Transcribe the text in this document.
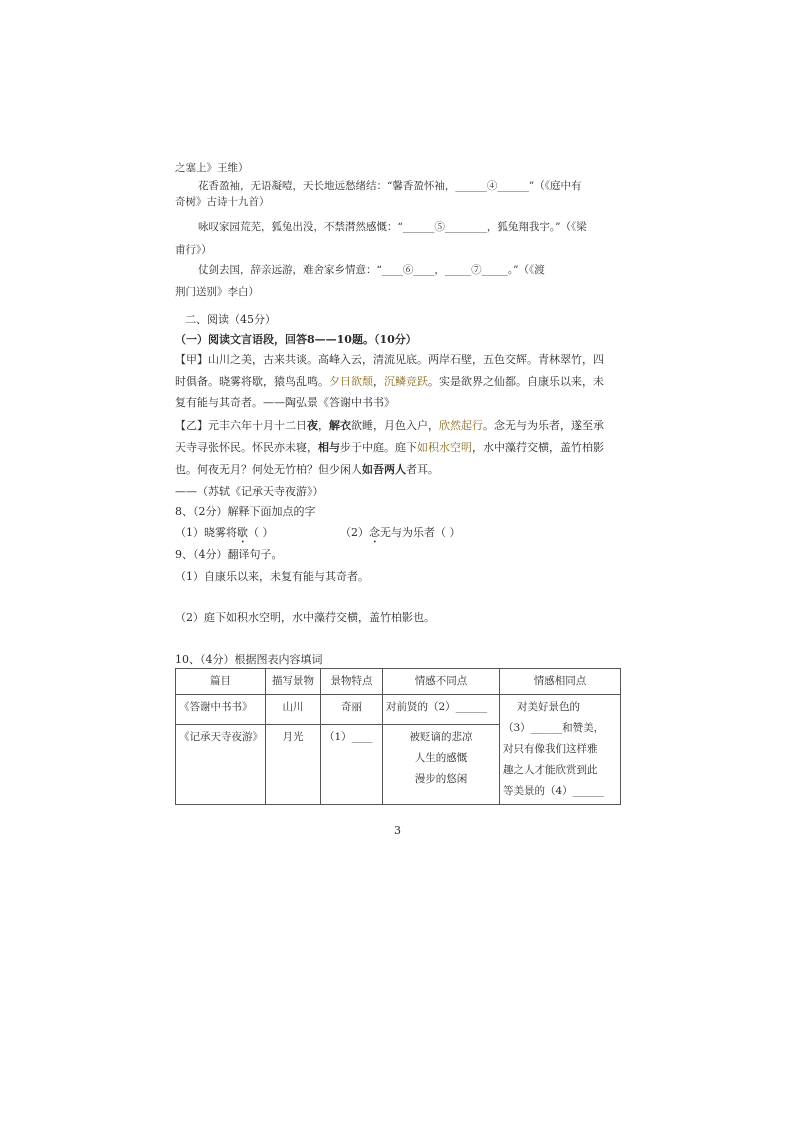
之塞上》王维）
花香盈袖，无语凝噎，天长地远愁绪结：“馨香盈怀袖，______④______”（《庭中有
奇树》古诗十九首）
咏叹家园荒芜，狐兔出没，不禁潸然感慨：“______⑤________，狐兔翔我宇。”（《梁
甫行》）
仗剑去国，辞亲远游，难舍家乡情意：“____⑥____，_____⑦_____。”（《渡
荆门送别》李白）
二、阅读（45分）
（一）阅读文言语段，回答8——10题。（10分）
【甲】山川之美，古来共谈。高峰入云，清流见底。两岸石壁，五色交辉。青林翠竹，四
时俱备。晓雾将歇，猿鸟乱鸣。夕日欲颓，沉鳞竞跃。实是欲界之仙都。自康乐以来，未
复有能与其奇者。——陶弘景《答谢中书书》
【乙】元丰六年十月十二日夜，解衣欲睡，月色入户，欣然起行。念无与为乐者，遂至承
天寺寻张怀民。怀民亦未寝，相与步于中庭。庭下如积水空明，水中藻荇交横，盖竹柏影
也。何夜无月？何处无竹柏？但少闲人如吾两人者耳。
——（苏轼《记承天寺夜游》）
8、（2分）解释下面加点的字
（1）晓雾将歇（ ）	（2）念无与为乐者（ ）
9、（4分）翻译句子。
（1）自康乐以来，未复有能与其奇者。
（2）庭下如积水空明，水中藻荇交横，盖竹柏影也。
10、（4分）根据图表内容填词
篇目	描写景物	景物特点	情感不同点	情感相同点
《答谢中书书》	山川	奇丽	对前贤的（2）______	对美好景色的
（3）______和赞美，
对只有像我们这样雅
趣之人才能欣赏到此
等美景的（4）______

《记承天寺夜游》	月光	（1）____	被贬谪的悲凉
人生的感慨
漫步的悠闲	
3
